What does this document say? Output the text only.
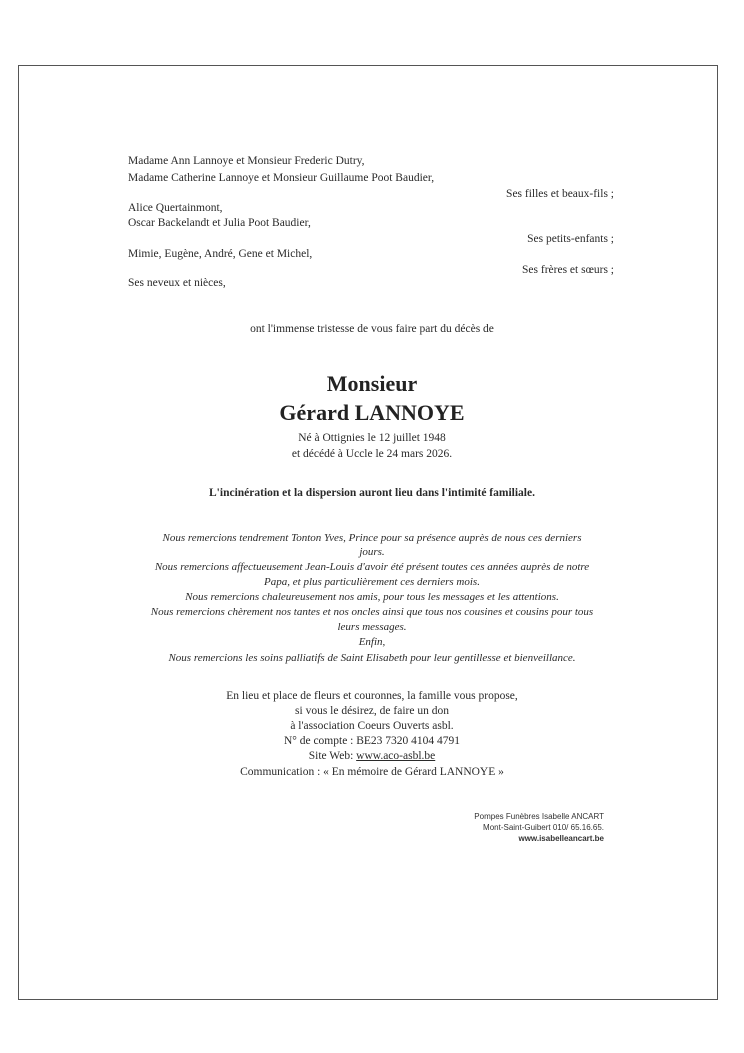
Madame Ann Lannoye et Monsieur Frederic Dutry,
Madame Catherine Lannoye et Monsieur Guillaume Poot Baudier,
Ses filles et beaux-fils ;
Alice Quertainmont,
Oscar Backelandt et Julia Poot Baudier,
Ses petits-enfants ;
Mimie, Eugène, André, Gene et Michel,
Ses frères et sœurs ;
Ses neveux et nièces,
ont l'immense tristesse de vous faire part du décès de
Monsieur
Gérard LANNOYE
Né à Ottignies le 12 juillet 1948
et décédé à Uccle le 24 mars 2026.
L'incinération et la dispersion auront lieu dans l'intimité familiale.
Nous remercions tendrement Tonton Yves, Prince pour sa présence auprès de nous ces derniers
jours.
Nous remercions affectueusement Jean-Louis d'avoir été présent toutes ces années auprès de notre
Papa, et plus particulièrement ces derniers mois.
Nous remercions chaleureusement nos amis, pour tous les messages et les attentions.
Nous remercions chèrement nos tantes et nos oncles ainsi que tous nos cousines et cousins pour tous
leurs messages.
Enfin,
Nous remercions les soins palliatifs de Saint Elisabeth pour leur gentillesse et bienveillance.
En lieu et place de fleurs et couronnes, la famille vous propose,
si vous le désirez, de faire un don
à l'association Coeurs Ouverts asbl.
N° de compte : BE23 7320 4104 4791
Site Web: www.aco-asbl.be
Communication : « En mémoire de Gérard LANNOYE »
Pompes Funèbres Isabelle ANCART
Mont-Saint-Guibert 010/ 65.16.65.
www.isabelleancart.be
